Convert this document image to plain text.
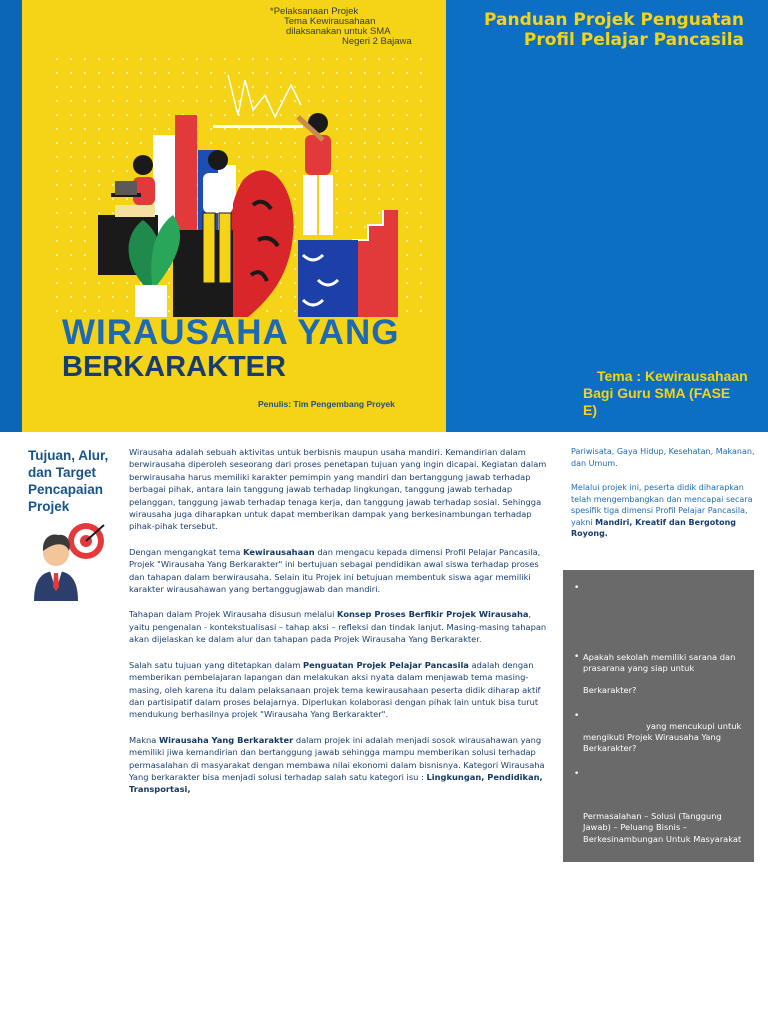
*Pelaksanaan Projek
Tema Kewirausahaan
dilaksanakan untuk SMA
Negeri 2 Bajawa
Panduan Projek Penguatan
Profil Pelajar Pancasila
WIRAUSAHA YANG
BERKARAKTER
Penulis: Tim Pengembang Proyek
Tema : Kewirausahaan
Bagi Guru SMA (FASE
E)
Tujuan, Alur, dan Target Pencapaian Projek

Wirausaha adalah sebuah aktivitas untuk berbisnis maupun usaha mandiri. Kemandirian dalam berwirausaha diperoleh seseorang dari proses penetapan tujuan yang ingin dicapai. Kegiatan dalam berwirausaha harus memiliki karakter pemimpin yang mandiri dan bertanggung jawab terhadap berbagai pihak, antara lain tanggung jawab terhadap lingkungan, tanggung jawab terhadap pelanggan, tanggung jawab terhadap tenaga kerja, dan tanggung jawab terhadap sosial. Sehingga wirausaha juga diharapkan untuk dapat memberikan dampak yang berkesinambungan terhadap pihak-pihak tersebut.

Dengan mengangkat tema Kewirausahaan dan mengacu kepada dimensi Profil Pelajar Pancasila, Projek "Wirausaha Yang Berkarakter" ini bertujuan sebagai pendidikan awal siswa terhadap proses dan tahapan dalam berwirausaha. Selain itu Projek ini betujuan membentuk siswa agar memiliki karakter wirausahawan yang bertanggugjawab dan mandiri.

Tahapan dalam Projek Wirausaha disusun melalui Konsep Proses Berfikir Projek Wirausaha, yaitu pengenalan - kontekstualisasi – tahap aksi – refleksi dan tindak lanjut. Masing-masing tahapan akan dijelaskan ke dalam alur dan tahapan pada Projek Wirausaha Yang Berkarakter.

Salah satu tujuan yang ditetapkan dalam Penguatan Projek Pelajar Pancasila adalah dengan memberikan pembelajaran lapangan dan melakukan aksi nyata dalam menjawab tema masing-masing, oleh karena itu dalam pelaksanaan projek tema kewirausahaan peserta didik diharap aktif dan partisipatif dalam proses belajarnya. Diperlukan kolaborasi dengan pihak lain untuk bisa turut mendukung berhasilnya projek "Wirausaha Yang Berkarakter".

Makna Wirausaha Yang Berkarakter dalam projek ini adalah menjadi sosok wirausahawan yang memiliki jiwa kemandirian dan bertanggung jawab sehingga mampu memberikan solusi terhadap permasalahan di masyarakat dengan membawa nilai ekonomi dalam bisnisnya. Kategori Wirausaha Yang berkarakter bisa menjadi solusi terhadap salah satu kategori isu : Lingkungan, Pendidikan, Transportasi,

Pariwisata, Gaya Hidup, Kesehatan, Makanan, dan Umum.

Melalui projek ini, peserta didik diharapkan telah mengembangkan dan mencapai secara spesifik tiga dimensi Profil Pelajar Pancasila, yakni Mandiri, Kreatif dan Bergotong Royong.

•
• Apakah sekolah memiliki sarana dan prasarana yang siap untuk
Berkarakter?
•
yang mencukupi untuk
mengikuti Projek Wirausaha Yang Berkarakter?
•
Permasalahan – Solusi (Tanggung Jawab) – Peluang Bisnis – Berkesinambungan Untuk Masyarakat
